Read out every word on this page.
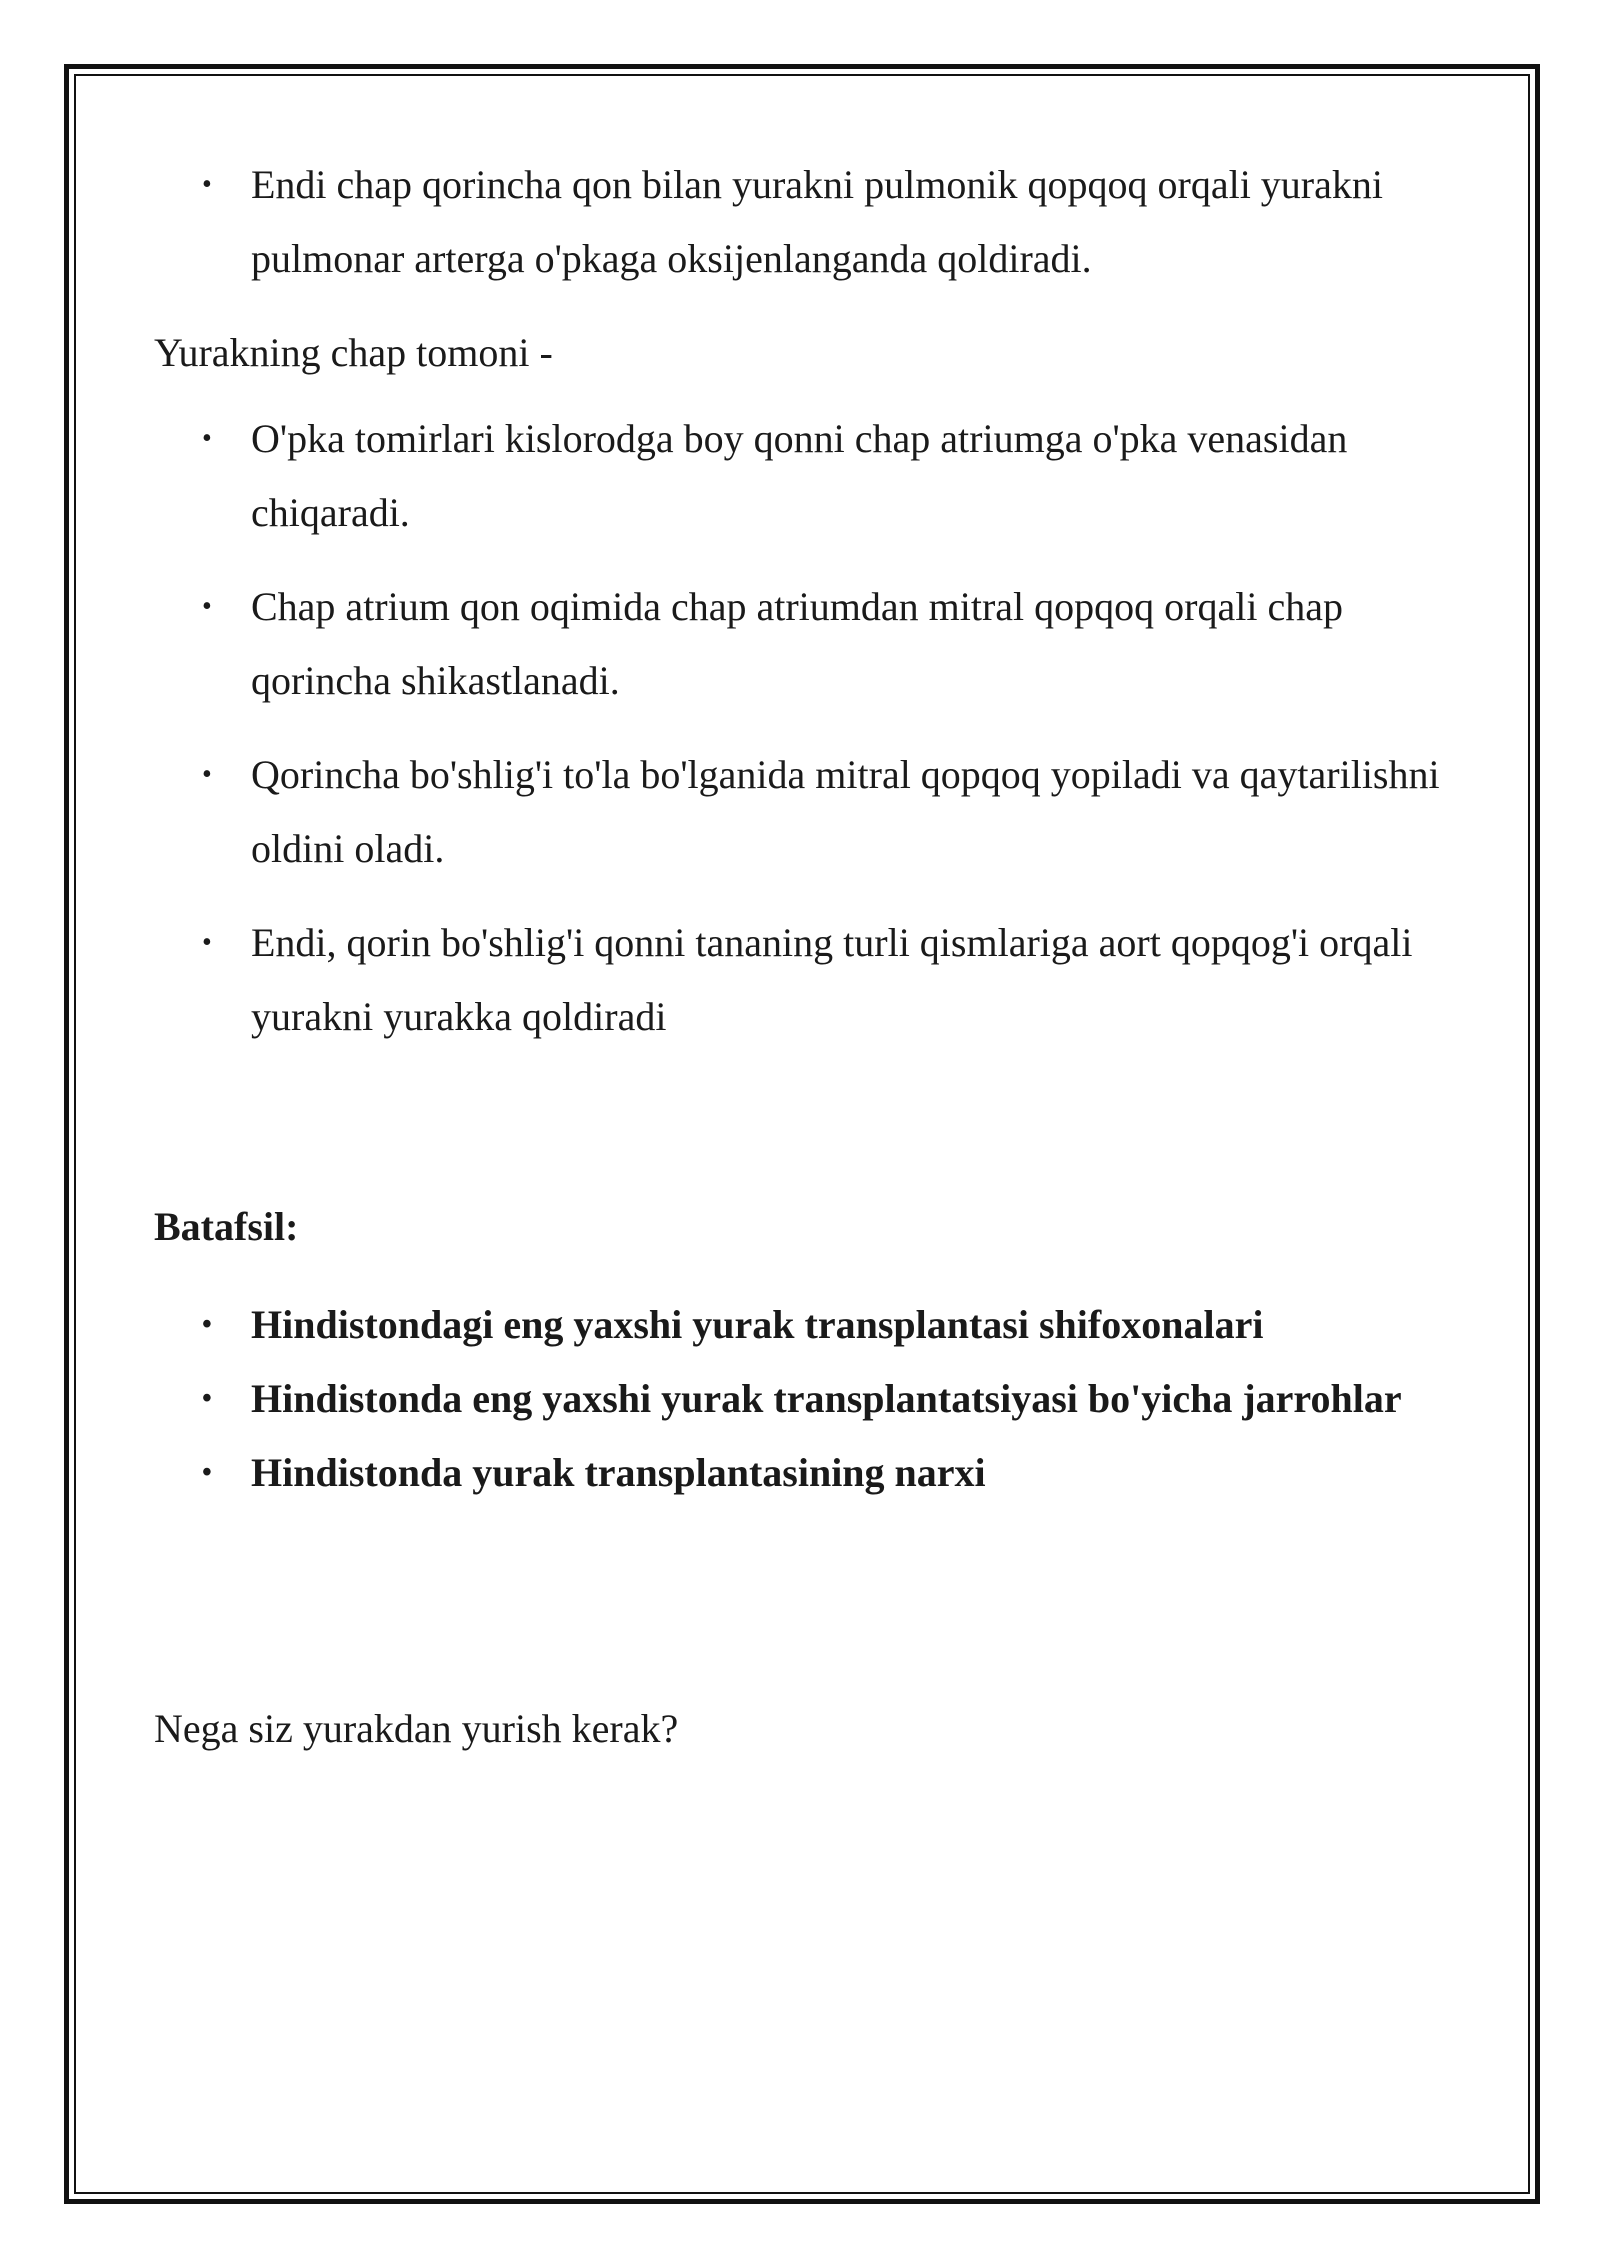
• Endi chap qorincha qon bilan yurakni pulmonik qopqoq orqali yurakni pulmonar arterga o'pkaga oksijenlanganda qoldiradi.

Yurakning chap tomoni -

• O'pka tomirlari kislorodga boy qonni chap atriumga o'pka venasidan chiqaradi.
• Chap atrium qon oqimida chap atriumdan mitral qopqoq orqali chap qorincha shikastlanadi.
• Qorincha bo'shlig'i to'la bo'lganida mitral qopqoq yopiladi va qaytarilishni oldini oladi.
• Endi, qorin bo'shlig'i qonni tananing turli qismlariga aort qopqog'i orqali yurakni yurakka qoldiradi

Batafsil:

• Hindistondagi eng yaxshi yurak transplantasi shifoxonalari
• Hindistonda eng yaxshi yurak transplantatsiyasi bo'yicha jarrohlar
• Hindistonda yurak transplantasining narxi

Nega siz yurakdan yurish kerak?
